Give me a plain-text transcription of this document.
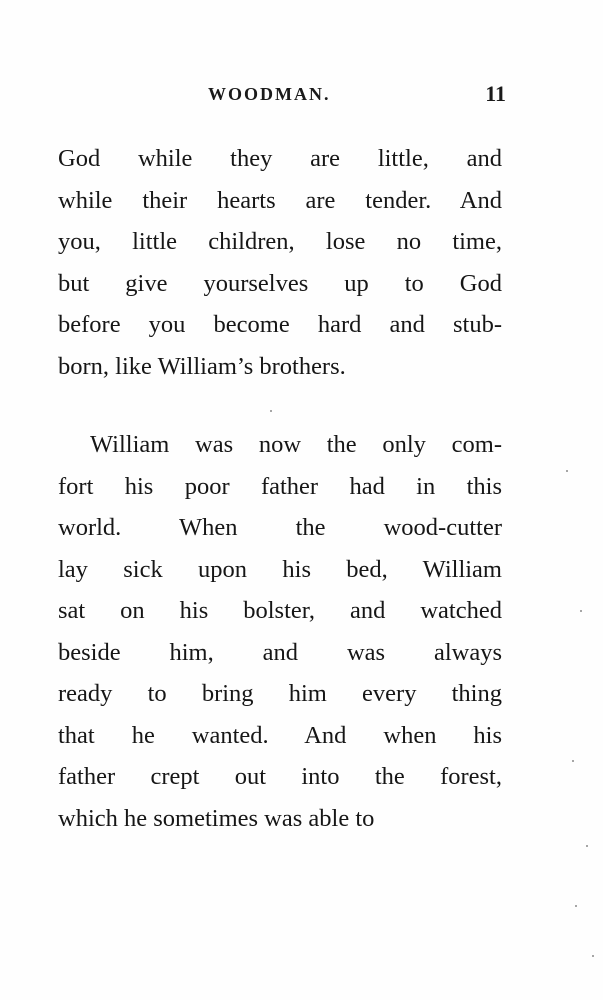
WOODMAN.	11
God while they are little, and
while their hearts are tender. And
you, little children, lose no time,
but give yourselves up to God
before you become hard and stub-
born, like William’s brothers.
William was now the only com-
fort his poor father had in this
world. When the wood-cutter
lay sick upon his bed, William
sat on his bolster, and watched
beside him, and was always
ready to bring him every thing
that he wanted. And when his
father crept out into the forest,
which he sometimes was able to
